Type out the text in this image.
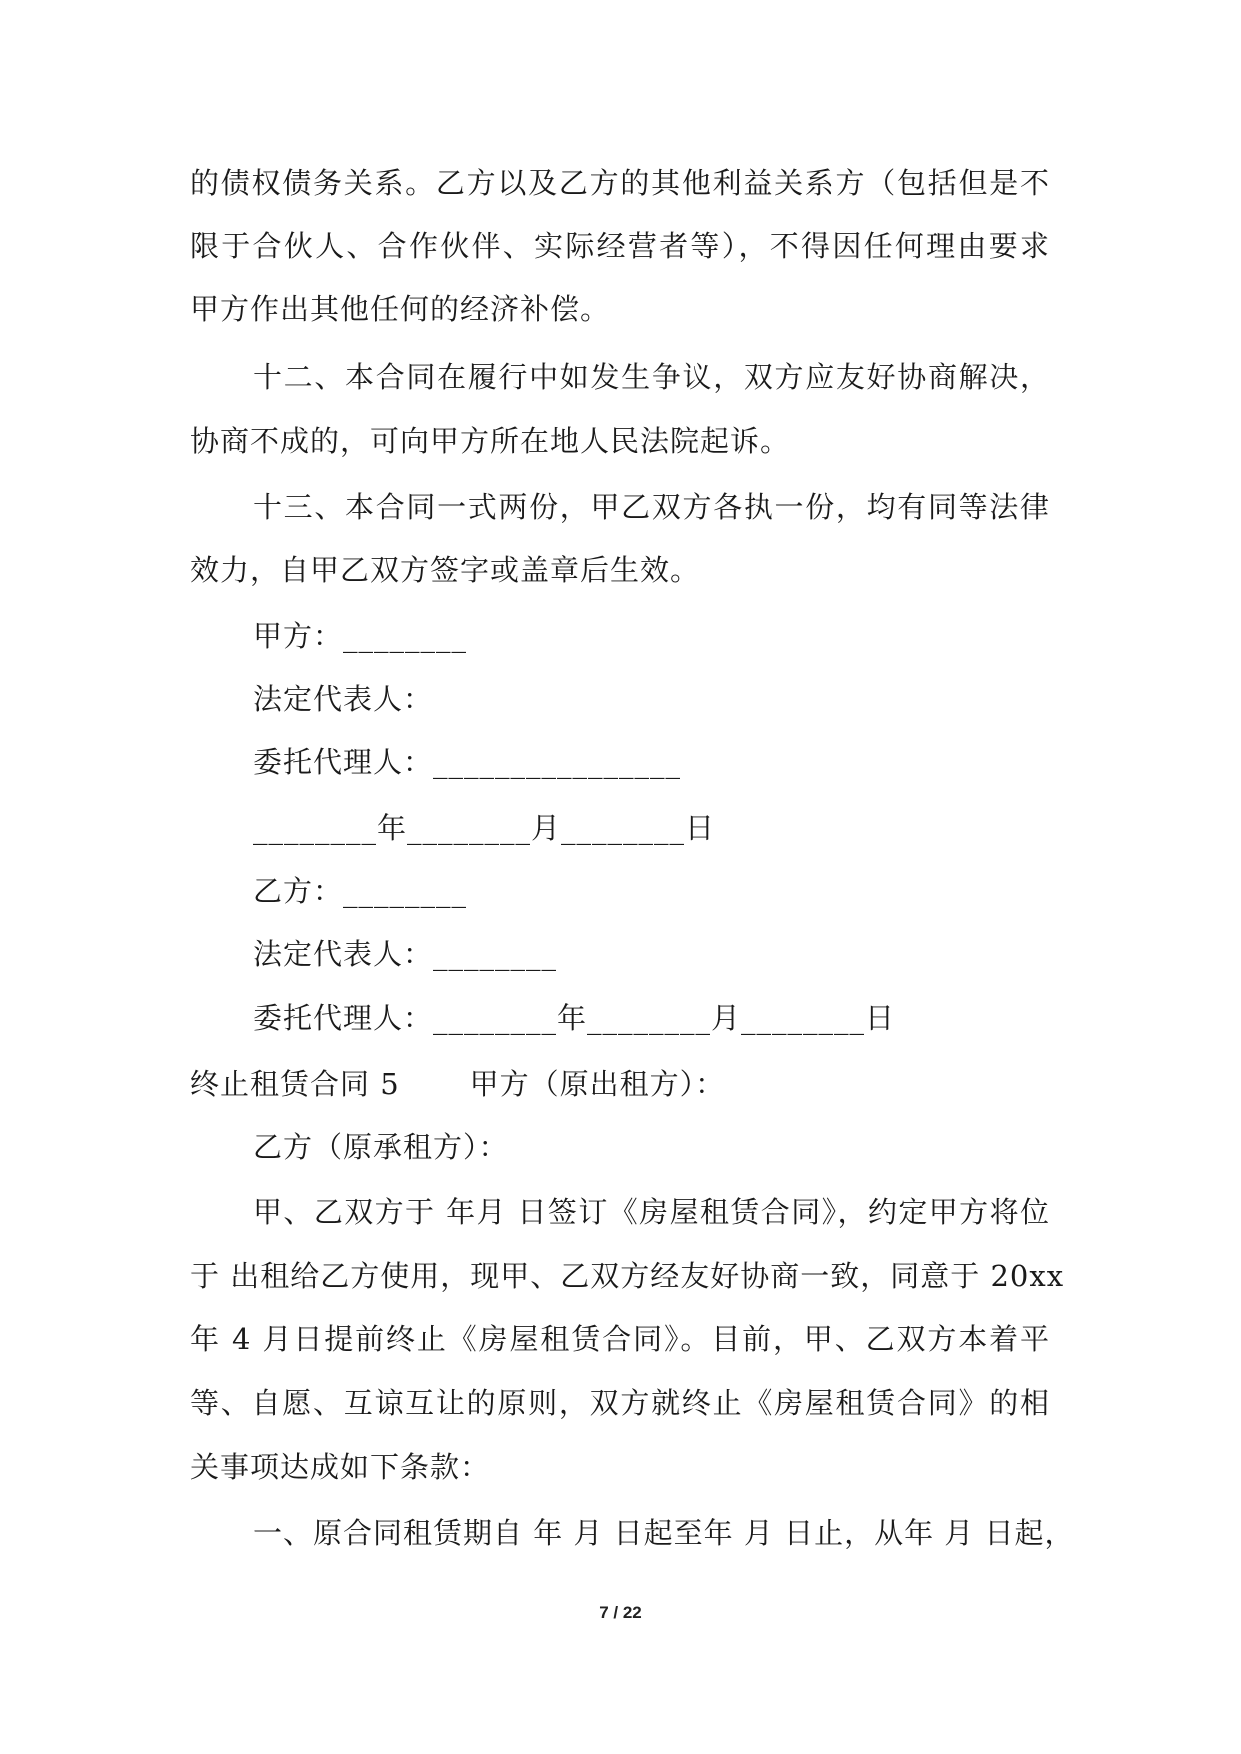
的债权债务关系。乙方以及乙方的其他利益关系方（包括但是不
限于合伙人、合作伙伴、实际经营者等），不得因任何理由要求
甲方作出其他任何的经济补偿。
十二、本合同在履行中如发生争议，双方应友好协商解决，
协商不成的，可向甲方所在地人民法院起诉。
十三、本合同一式两份，甲乙双方各执一份，均有同等法律
效力，自甲乙双方签字或盖章后生效。
甲方：________
法定代表人：
委托代理人：________________
________年________月________日
乙方：________
法定代表人：________
委托代理人：________年________月________日
终止租赁合同 5 甲方（原出租方）：
乙方（原承租方）：
甲、乙双方于 年月 日签订《房屋租赁合同》，约定甲方将位
于 出租给乙方使用，现甲、乙双方经友好协商一致，同意于 20xx
年 4 月日提前终止《房屋租赁合同》。目前，甲、乙双方本着平
等、自愿、互谅互让的原则，双方就终止《房屋租赁合同》的相
关事项达成如下条款：
一、原合同租赁期自 年 月 日起至年 月 日止，从年 月 日起，
7 / 22
